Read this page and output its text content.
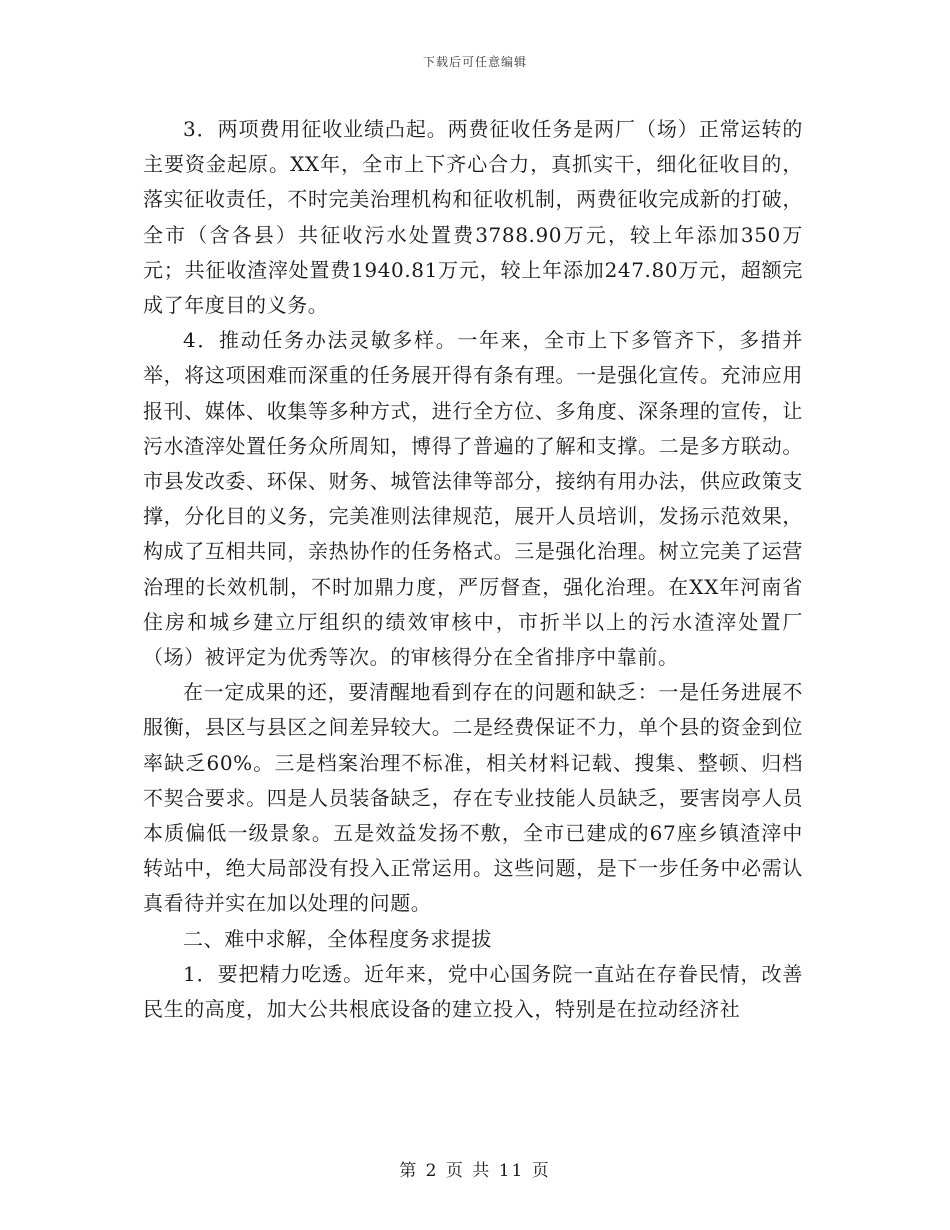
下载后可任意编辑

3．两项费用征收业绩凸起。两费征收任务是两厂（场）正常运转的主要资金起原。XX年，全市上下齐心合力，真抓实干，细化征收目的，落实征收责任，不时完美治理机构和征收机制，两费征收完成新的打破，全市（含各县）共征收污水处置费3788.90万元，较上年添加350万元；共征收渣滓处置费1940.81万元，较上年添加247.80万元，超额完成了年度目的义务。

4．推动任务办法灵敏多样。一年来，全市上下多管齐下，多措并举，将这项困难而深重的任务展开得有条有理。一是强化宣传。充沛应用报刊、媒体、收集等多种方式，进行全方位、多角度、深条理的宣传，让污水渣滓处置任务众所周知，博得了普遍的了解和支撑。二是多方联动。市县发改委、环保、财务、城管法律等部分，接纳有用办法，供应政策支撑，分化目的义务，完美准则法律规范，展开人员培训，发扬示范效果，构成了互相共同，亲热协作的任务格式。三是强化治理。树立完美了运营治理的长效机制，不时加鼎力度，严厉督查，强化治理。在XX年河南省住房和城乡建立厅组织的绩效审核中，市折半以上的污水渣滓处置厂（场）被评定为优秀等次。的审核得分在全省排序中靠前。

在一定成果的还，要清醒地看到存在的问题和缺乏：一是任务进展不服衡，县区与县区之间差异较大。二是经费保证不力，单个县的资金到位率缺乏60%。三是档案治理不标准，相关材料记载、搜集、整顿、归档不契合要求。四是人员装备缺乏，存在专业技能人员缺乏，要害岗亭人员本质偏低一级景象。五是效益发扬不敷，全市已建成的67座乡镇渣滓中转站中，绝大局部没有投入正常运用。这些问题，是下一步任务中必需认真看待并实在加以处理的问题。

二、难中求解，全体程度务求提拔

1．要把精力吃透。近年来，党中心国务院一直站在存眷民情，改善民生的高度，加大公共根底设备的建立投入，特别是在拉动经济社

第 2 页 共 11 页
